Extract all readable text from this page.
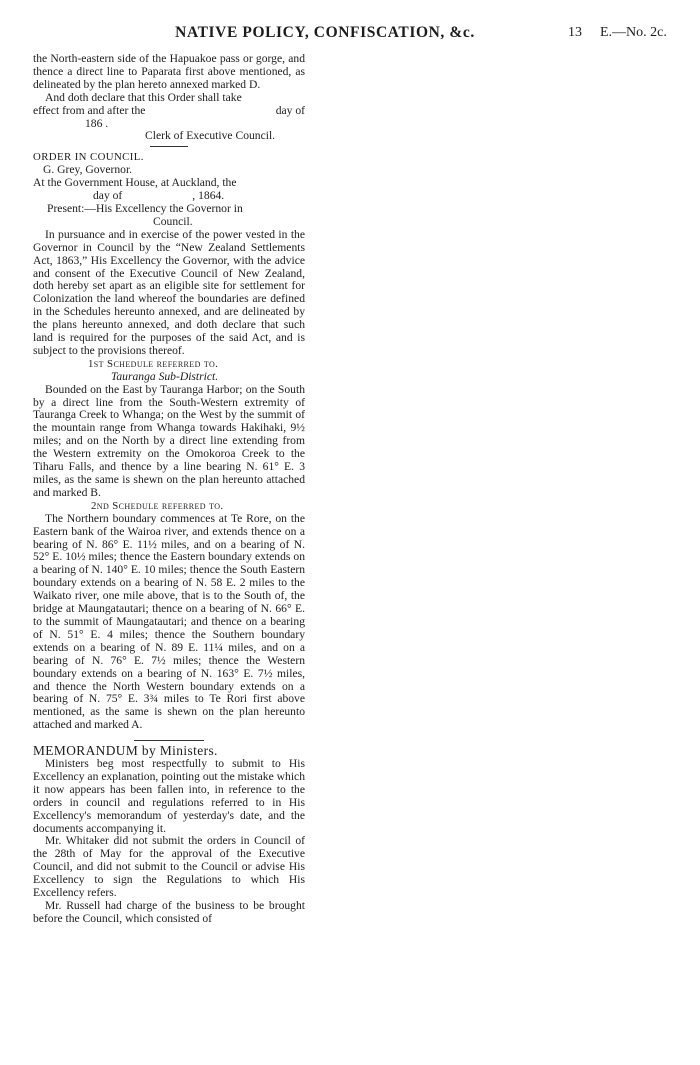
NATIVE POLICY, CONFISCATION, &c.	13 E.—No. 2c.

the North-eastern side of the Hapuakoe pass or gorge, and thence a direct line to Paparata first above mentioned, as delineated by the plan hereto annexed marked D.

And doth declare that this Order shall take

effect from and after the	day of

186 .

Clerk of Executive Council.

ORDER IN COUNCIL.

G. Grey, Governor.

At the Government House, at Auckland, the

day of	, 1864.

Present:—His Excellency the Governor in

Council.

In pursuance and in exercise of the power vested in the Governor in Council by the “New Zealand Settlements Act, 1863,” His Excellency the Governor, with the advice and consent of the Executive Council of New Zealand, doth hereby set apart as an eligible site for settlement for Colonization the land whereof the boundaries are defined in the Schedules hereunto annexed, and are delineated by the plans hereunto annexed, and doth declare that such land is required for the purposes of the said Act, and is subject to the provisions thereof.

1st Schedule referred to.

Tauranga Sub-District.

Bounded on the East by Tauranga Harbor; on the South by a direct line from the South-Western extremity of Tauranga Creek to Whanga; on the West by the summit of the mountain range from Whanga towards Hakihaki, 9½ miles; and on the North by a direct line extending from the Western extremity on the Omokoroa Creek to the Tiharu Falls, and thence by a line bearing N. 61° E. 3 miles, as the same is shewn on the plan hereunto attached and marked B.

2nd Schedule referred to.

The Northern boundary commences at Te Rore, on the Eastern bank of the Wairoa river, and extends thence on a bearing of N. 86° E. 11½ miles, and on a bearing of N. 52° E. 10½ miles; thence the Eastern boundary extends on a bearing of N. 140° E. 10 miles; thence the South Eastern boundary extends on a bearing of N. 58 E. 2 miles to the Waikato river, one mile above, that is to the South of, the bridge at Maungatautari; thence on a bearing of N. 66° E. to the summit of Maungatautari; and thence on a bearing of N. 51° E. 4 miles; thence the Southern boundary extends on a bearing of N. 89 E. 11¼ miles, and on a bearing of N. 76° E. 7½ miles; thence the Western boundary extends on a bearing of N. 163° E. 7½ miles, and thence the North Western boundary extends on a bearing of N. 75° E. 3¾ miles to Te Rori first above mentioned, as the same is shewn on the plan hereunto attached and marked A.

MEMORANDUM by Ministers.

Ministers beg most respectfully to submit to His Excellency an explanation, pointing out the mistake which it now appears has been fallen into, in reference to the orders in council and regulations referred to in His Excellency's memorandum of yesterday's date, and the documents accompanying it.

Mr. Whitaker did not submit the orders in Council of the 28th of May for the approval of the Executive Council, and did not submit to the Council or advise His Excellency to sign the Regulations to which His Excellency refers.

Mr. Russell had charge of the business to be brought before the Council, which consisted of
